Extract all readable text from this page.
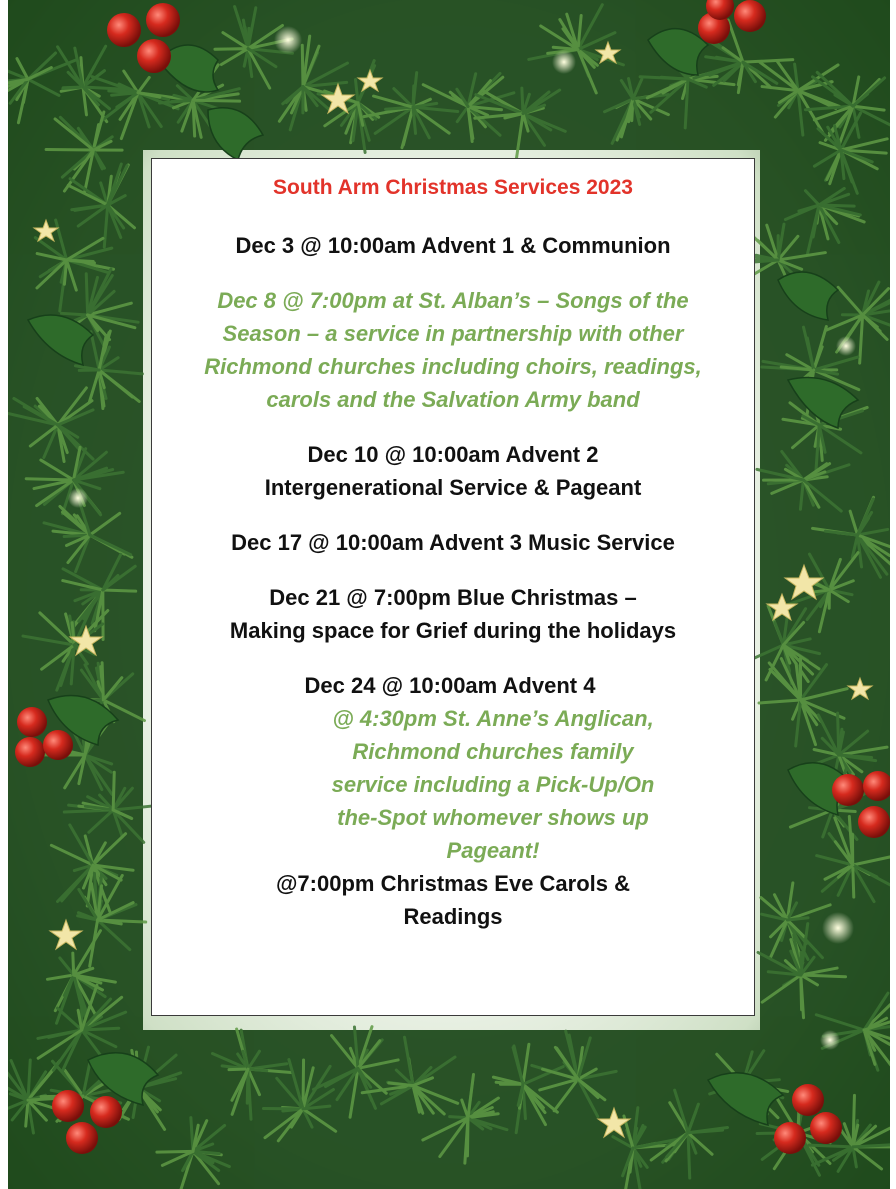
South Arm Christmas Services 2023
Dec 3 @ 10:00am Advent 1 & Communion
Dec 8 @ 7:00pm at St. Alban’s – Songs of the
Season – a service in partnership with other
Richmond churches including choirs, readings,
carols and the Salvation Army band
Dec 10 @ 10:00am Advent 2
Intergenerational Service & Pageant
Dec 17 @ 10:00am Advent 3 Music Service
Dec 21 @ 7:00pm Blue Christmas –
Making space for Grief during the holidays
Dec 24 @ 10:00am Advent 4
@ 4:30pm St. Anne’s Anglican,
Richmond churches family
service including a Pick-Up/On
the-Spot whomever shows up
Pageant!
@7:00pm Christmas Eve Carols &
Readings
